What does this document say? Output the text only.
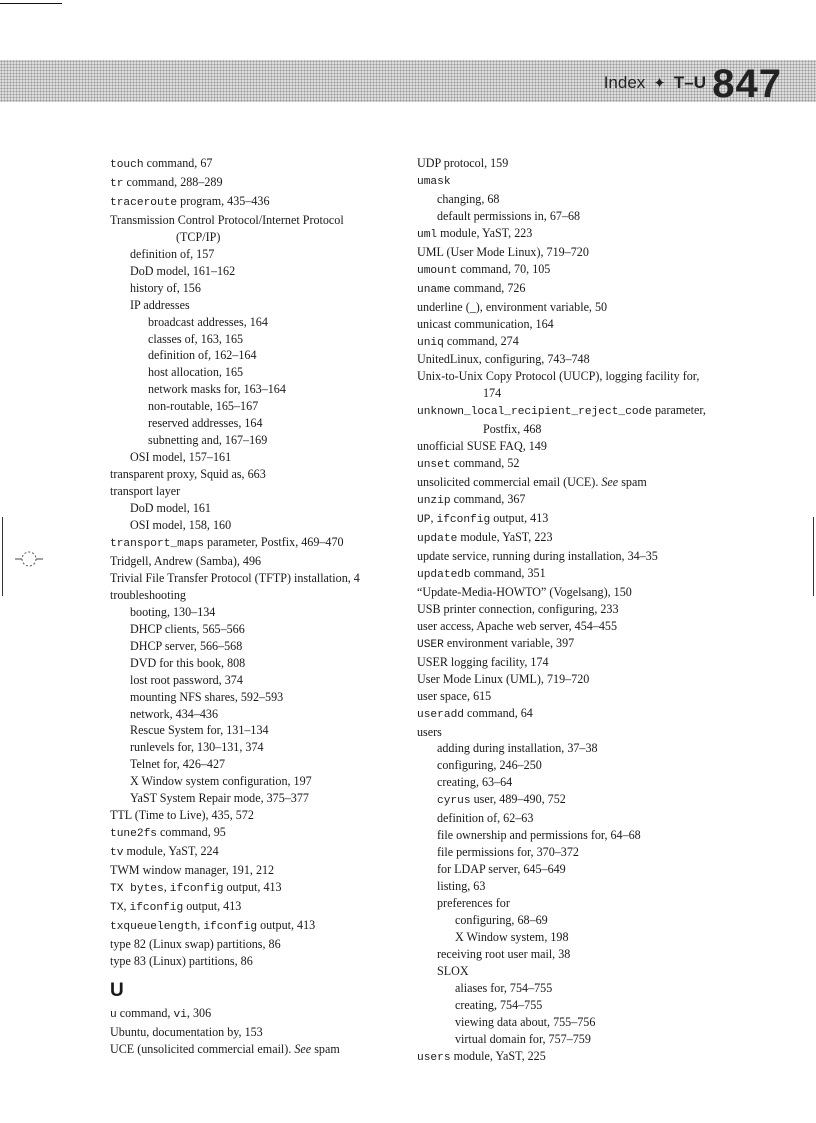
Index ✦ T–U 847
touch command, 67
tr command, 288–289
traceroute program, 435–436
Transmission Control Protocol/Internet Protocol
(TCP/IP)
definition of, 157
DoD model, 161–162
history of, 156
IP addresses
broadcast addresses, 164
classes of, 163, 165
definition of, 162–164
host allocation, 165
network masks for, 163–164
non-routable, 165–167
reserved addresses, 164
subnetting and, 167–169
OSI model, 157–161
transparent proxy, Squid as, 663
transport layer
DoD model, 161
OSI model, 158, 160
transport_maps parameter, Postfix, 469–470
Tridgell, Andrew (Samba), 496
Trivial File Transfer Protocol (TFTP) installation, 4
troubleshooting
booting, 130–134
DHCP clients, 565–566
DHCP server, 566–568
DVD for this book, 808
lost root password, 374
mounting NFS shares, 592–593
network, 434–436
Rescue System for, 131–134
runlevels for, 130–131, 374
Telnet for, 426–427
X Window system configuration, 197
YaST System Repair mode, 375–377
TTL (Time to Live), 435, 572
tune2fs command, 95
tv module, YaST, 224
TWM window manager, 191, 212
TX bytes, ifconfig output, 413
TX, ifconfig output, 413
txqueuelength, ifconfig output, 413
type 82 (Linux swap) partitions, 86
type 83 (Linux) partitions, 86
U
u command, vi, 306
Ubuntu, documentation by, 153
UCE (unsolicited commercial email). See spam
UDP protocol, 159
umask
changing, 68
default permissions in, 67–68
uml module, YaST, 223
UML (User Mode Linux), 719–720
umount command, 70, 105
uname command, 726
underline (_), environment variable, 50
unicast communication, 164
uniq command, 274
UnitedLinux, configuring, 743–748
Unix-to-Unix Copy Protocol (UUCP), logging facility for,
174
unknown_local_recipient_reject_code parameter,
Postfix, 468
unofficial SUSE FAQ, 149
unset command, 52
unsolicited commercial email (UCE). See spam
unzip command, 367
UP, ifconfig output, 413
update module, YaST, 223
update service, running during installation, 34–35
updatedb command, 351
“Update-Media-HOWTO” (Vogelsang), 150
USB printer connection, configuring, 233
user access, Apache web server, 454–455
USER environment variable, 397
USER logging facility, 174
User Mode Linux (UML), 719–720
user space, 615
useradd command, 64
users
adding during installation, 37–38
configuring, 246–250
creating, 63–64
cyrus user, 489–490, 752
definition of, 62–63
file ownership and permissions for, 64–68
file permissions for, 370–372
for LDAP server, 645–649
listing, 63
preferences for
configuring, 68–69
X Window system, 198
receiving root user mail, 38
SLOX
aliases for, 754–755
creating, 754–755
viewing data about, 755–756
virtual domain for, 757–759
users module, YaST, 225
